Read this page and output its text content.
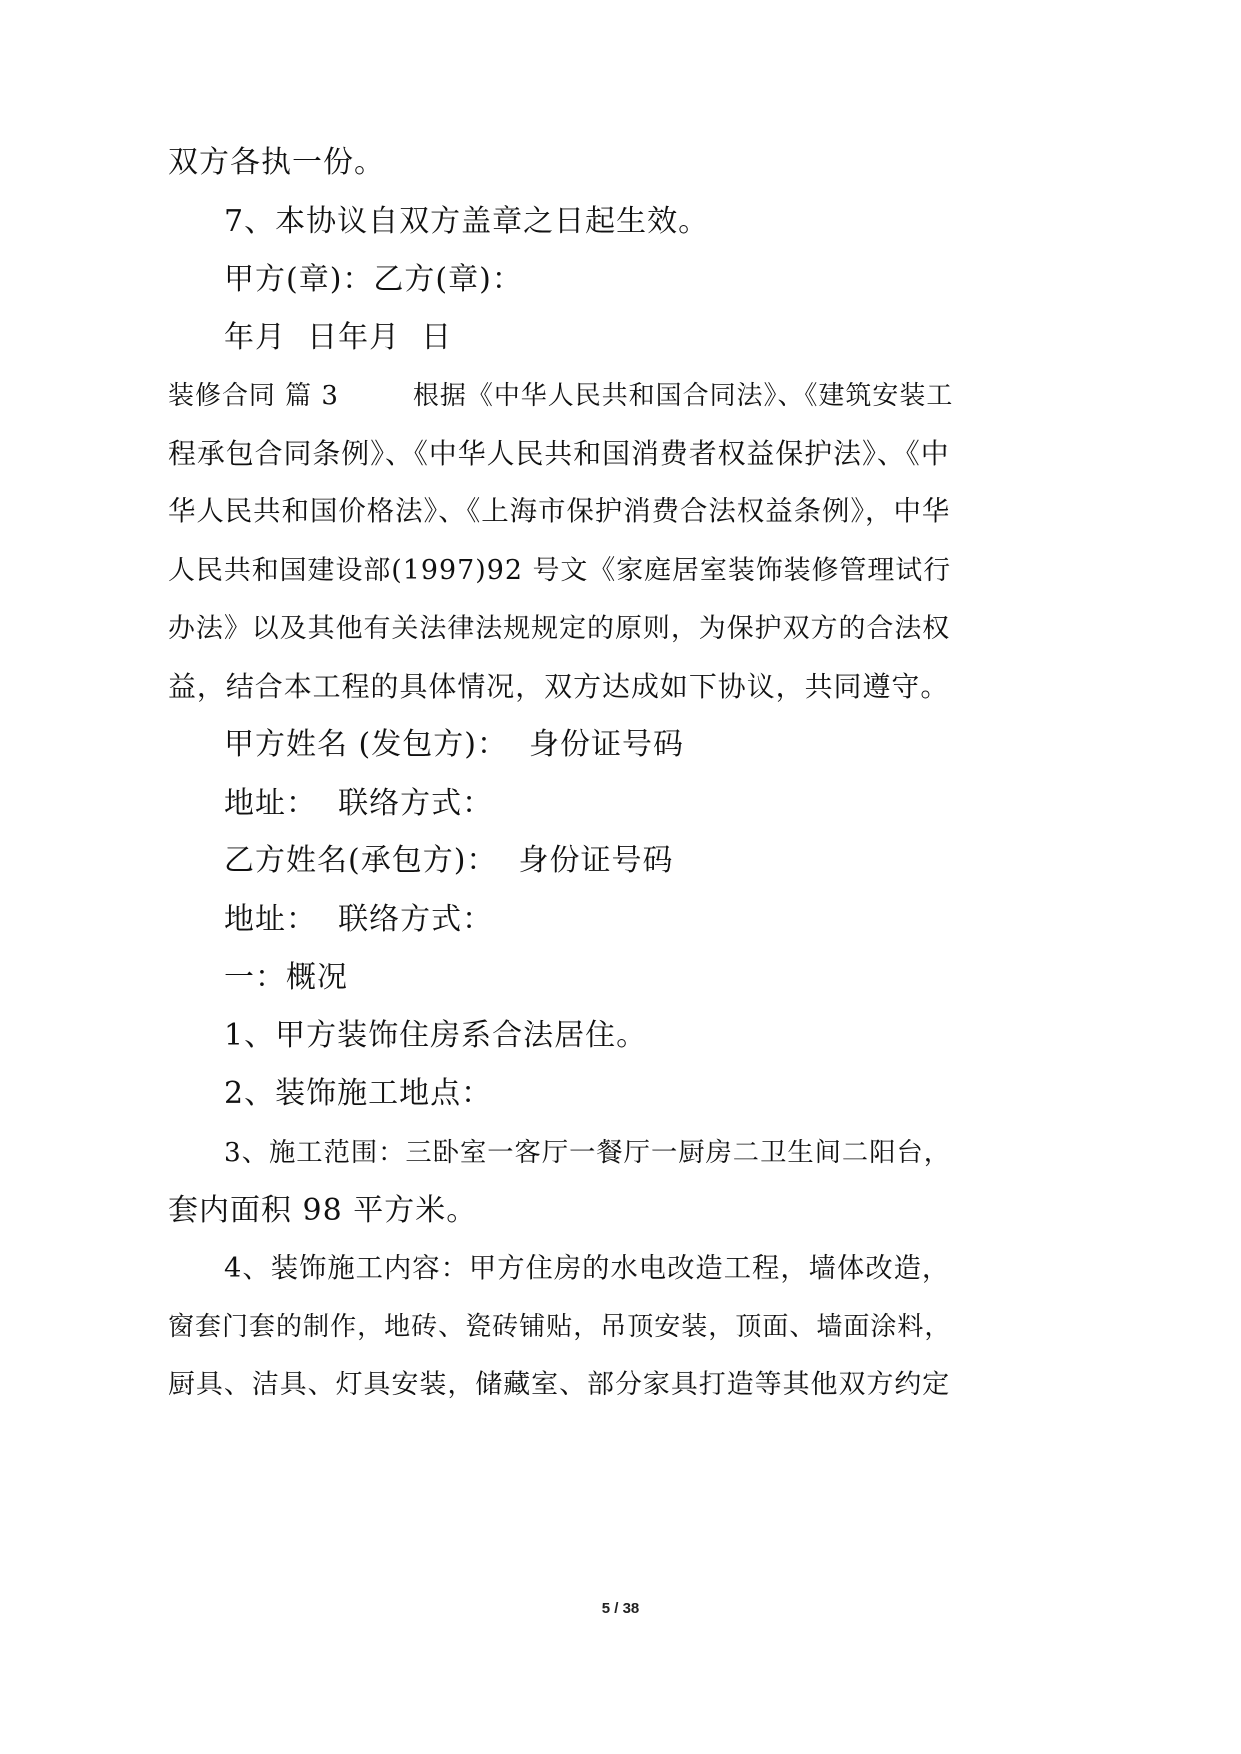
双方各执一份。
7、本协议自双方盖章之日起生效。
甲方(章)：乙方(章)：
年月  日年月  日
装修合同 篇 3        根据《中华人民共和国合同法》、《建筑安装工
程承包合同条例》、《中华人民共和国消费者权益保护法》、《中
华人民共和国价格法》、《上海市保护消费合法权益条例》，中华
人民共和国建设部(1997)92 号文《家庭居室装饰装修管理试行
办法》以及其他有关法律法规规定的原则，为保护双方的合法权
益，结合本工程的具体情况，双方达成如下协议，共同遵守。
甲方姓名 (发包方)：  身份证号码
地址：  联络方式：
乙方姓名(承包方)：  身份证号码
地址：  联络方式：
一：概况
1、甲方装饰住房系合法居住。
2、装饰施工地点：
3、施工范围：三卧室一客厅一餐厅一厨房二卫生间二阳台，
套内面积 98 平方米。
4、装饰施工内容：甲方住房的水电改造工程，墙体改造，
窗套门套的制作，地砖、瓷砖铺贴，吊顶安装，顶面、墙面涂料，
厨具、洁具、灯具安装，储藏室、部分家具打造等其他双方约定
5 / 38
